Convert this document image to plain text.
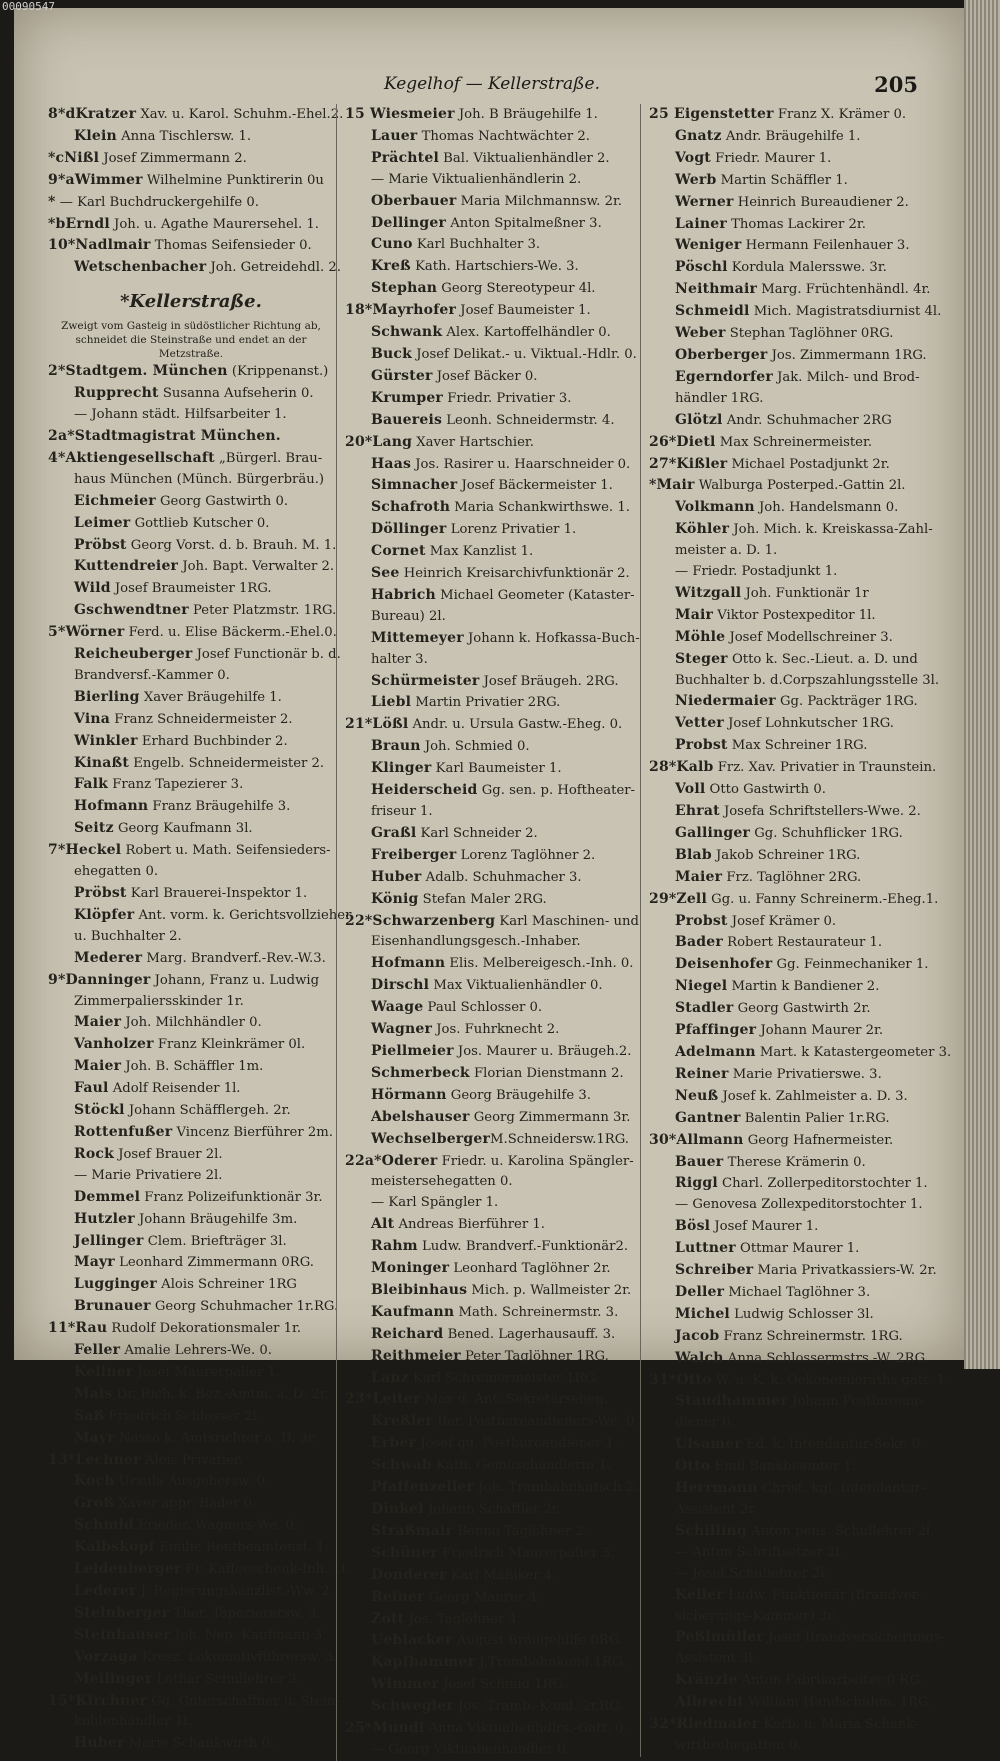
Kegelhof — Kellerstraße.	205
8*dKratzer Xav. u. Karol. Schuhm.-Ehel.2.
Klein Anna Tischlersw. 1.
*cNißl Josef Zimmermann 2.
9*aWimmer Wilhelmine Punktirerin 0u
* — Karl Buchdruckergehilfe 0.
*bErndl Joh. u. Agathe Maurersehel. 1.
10*Nadlmair Thomas Seifensieder 0.
Wetschenbacher Joh. Getreidehdl. 2.
*Kellerstraße.
Zweigt vom Gasteig in südöstlicher Richtung ab, schneidet die Steinstraße und endet an der Metzstraße.
2*Stadtgem. München (Krippenanst.)
Rupprecht Susanna Aufseherin 0.
— Johann städt. Hilfsarbeiter 1.
2a*Stadtmagistrat München.
4*Aktiengesellschaft „Bürgerl. Brau-
haus München (Münch. Bürgerbräu.)
Eichmeier Georg Gastwirth 0.
Leimer Gottlieb Kutscher 0.
Pröbst Georg Vorst. d. b. Brauh. M. 1.
Kuttendreier Joh. Bapt. Verwalter 2.
Wild Josef Braumeister 1RG.
Gschwendtner Peter Platzmstr. 1RG.
5*Wörner Ferd. u. Elise Bäckerm.-Ehel.0.
Reicheuberger Josef Functionär b. d.
Brandversf.-Kammer 0.
Bierling Xaver Bräugehilfe 1.
Vina Franz Schneidermeister 2.
Winkler Erhard Buchbinder 2.
Kinaßt Engelb. Schneidermeister 2.
Falk Franz Tapezierer 3.
Hofmann Franz Bräugehilfe 3.
Seitz Georg Kaufmann 3l.
7*Heckel Robert u. Math. Seifensieders-
ehegatten 0.
Pröbst Karl Brauerei-Inspektor 1.
Klöpfer Ant. vorm. k. Gerichtsvollzieher
u. Buchhalter 2.
Mederer Marg. Brandverf.-Rev.-W.3.
9*Danninger Johann, Franz u. Ludwig
Zimmerpaliersskinder 1r.
Maier Joh. Milchhändler 0.
Vanholzer Franz Kleinkrämer 0l.
Maier Joh. B. Schäffler 1m.
Faul Adolf Reisender 1l.
Stöckl Johann Schäfflergeh. 2r.
Rottenfußer Vincenz Bierführer 2m.
Rock Josef Brauer 2l.
— Marie Privatiere 2l.
Demmel Franz Polizeifunktionär 3r.
Hutzler Johann Bräugehilfe 3m.
Jellinger Clem. Briefträger 3l.
Mayr Leonhard Zimmermann 0RG.
Lugginger Alois Schreiner 1RG
Brunauer Georg Schuhmacher 1r.RG.
11*Rau Rudolf Dekorationsmaler 1r.
Feller Amalie Lehrers-We. 0.
Kellner Josef Maurerpalier 1.
Mais Dr. Rich. k. Bez.-Amtm. a. D. 2r.
Saß Friedrich Schlosser 2l.
Mayr Nasso k. Amtsrichter a. D. 3r.
13*Lechner Alois Privatier.
Koch Ursula Ausgehersw. 0.
Groß Xaver appr. Bader 0.
Schmid Frieder. Wagners-We. 0.
Kalbskopf Emilie Rentbeamtenst. 1.
Leidenberger Fr. Kaffeeschenk-Inh. 1l.
Lederer J. Regierungskanzlist.-Ww. 2.
Steinberger Ther. Tapezierersw. 3.
Steinhauser Joh. Nep. Kaufmann 3.
Vorzaga Kresz. Lokomotivführersw. 3.
Meilinger Lothar Schullehrer 3.
15*Kirchner Gg. Güterschaffner u. Stein-
kohlenhändler 1l.
Huber Marie Schankwirth 0.
15 Wiesmeier Joh. B Bräugehilfe 1.
Lauer Thomas Nachtwächter 2.
Prächtel Bal. Viktualienhändler 2.
— Marie Viktualienhändlerin 2.
Oberbauer Maria Milchmannsw. 2r.
Dellinger Anton Spitalmeßner 3.
Cuno Karl Buchhalter 3.
Kreß Kath. Hartschiers-We. 3.
Stephan Georg Stereotypeur 4l.
18*Mayrhofer Josef Baumeister 1.
Schwank Alex. Kartoffelhändler 0.
Buck Josef Delikat.- u. Viktual.-Hdlr. 0.
Gürster Josef Bäcker 0.
Krumper Friedr. Privatier 3.
Bauereis Leonh. Schneidermstr. 4.
20*Lang Xaver Hartschier.
Haas Jos. Rasirer u. Haarschneider 0.
Simnacher Josef Bäckermeister 1.
Schafroth Maria Schankwirthswe. 1.
Döllinger Lorenz Privatier 1.
Cornet Max Kanzlist 1.
See Heinrich Kreisarchivfunktionär 2.
Habrich Michael Geometer (Kataster-
Bureau) 2l.
Mittemeyer Johann k. Hofkassa-Buch-
halter 3.
Schürmeister Josef Bräugeh. 2RG.
Liebl Martin Privatier 2RG.
21*Lößl Andr. u. Ursula Gastw.-Eheg. 0.
Braun Joh. Schmied 0.
Klinger Karl Baumeister 1.
Heiderscheid Gg. sen. p. Hoftheater-
friseur 1.
Graßl Karl Schneider 2.
Freiberger Lorenz Taglöhner 2.
Huber Adalb. Schuhmacher 3.
König Stefan Maler 2RG.
22*Schwarzenberg Karl Maschinen- und
Eisenhandlungsgesch.-Inhaber.
Hofmann Elis. Melbereigesch.-Inh. 0.
Dirschl Max Viktualienhändler 0.
Waage Paul Schlosser 0.
Wagner Jos. Fuhrknecht 2.
Piellmeier Jos. Maurer u. Bräugeh.2.
Schmerbeck Florian Dienstmann 2.
Hörmann Georg Bräugehilfe 3.
Abelshauser Georg Zimmermann 3r.
WechselbergerM.Schneidersw.1RG.
22a*Oderer Friedr. u. Karolina Spängler-
meistersehegatten 0.
— Karl Spängler 1.
Alt Andreas Bierführer 1.
Rahm Ludw. Brandverf.-Funktionär2.
Moninger Leonhard Taglöhner 2r.
Bleibinhaus Mich. p. Wallmeister 2r.
Kaufmann Math. Schreinermstr. 3.
Reichard Bened. Lagerhausauff. 3.
Reithmeier Peter Taglöhner 1RG.
Lanz Karl Schreinermeister 1RG.
23*Leiter Max u. Ant. Sekretärseheg.
Kreßler Ber. Postbureaudieners-We. 0.
Erber Josef qu. Postbureaudiener 1.
Schwab Kath. Gemüsehändlerin 1.
Pfaffenzeller Joh. Trambahnkutsch.2.
Dinkel Johann Schäffler 2r.
Straßmair Benno Taglöhner 2.
Schüner Friedrich Maurerpalier 3.
Donderer Karl Mäßiker 4.
Reiner Georg Maurer 4.
Zott Jos. Taglöhner 4.
Ueblacker August Bräugehilfe 0RG.
Kapfhammer J.Trambahnkond.1RG.
Wimmer Josef Schmid 1RG.
Schwegler Jos. Tramb.-Kond. 2r.RG.
25*Mundi Anna Viktualienhdlrs.-Gatt. 0.
— Georg Viktualienhändler 0.
25 Eigenstetter Franz X. Krämer 0.
Gnatz Andr. Bräugehilfe 1.
Vogt Friedr. Maurer 1.
Werb Martin Schäffler 1.
Werner Heinrich Bureaudiener 2.
Lainer Thomas Lackirer 2r.
Weniger Hermann Feilenhauer 3.
Pöschl Kordula Malersswe. 3r.
Neithmair Marg. Früchtenhändl. 4r.
Schmeidl Mich. Magistratsdiurnist 4l.
Weber Stephan Taglöhner 0RG.
Oberberger Jos. Zimmermann 1RG.
Egerndorfer Jak. Milch- und Brod-
händler 1RG.
Glötzl Andr. Schuhmacher 2RG
26*Dietl Max Schreinermeister.
27*Kißler Michael Postadjunkt 2r.
*Mair Walburga Posterped.-Gattin 2l.
Volkmann Joh. Handelsmann 0.
Köhler Joh. Mich. k. Kreiskassa-Zahl-
meister a. D. 1.
— Friedr. Postadjunkt 1.
Witzgall Joh. Funktionär 1r
Mair Viktor Postexpeditor 1l.
Möhle Josef Modellschreiner 3.
Steger Otto k. Sec.-Lieut. a. D. und
Buchhalter b. d.Corpszahlungsstelle 3l.
Niedermaier Gg. Packträger 1RG.
Vetter Josef Lohnkutscher 1RG.
Probst Max Schreiner 1RG.
28*Kalb Frz. Xav. Privatier in Traunstein.
Voll Otto Gastwirth 0.
Ehrat Josefa Schriftstellers-Wwe. 2.
Gallinger Gg. Schuhflicker 1RG.
Blab Jakob Schreiner 1RG.
Maier Frz. Taglöhner 2RG.
29*Zell Gg. u. Fanny Schreinerm.-Eheg.1.
Probst Josef Krämer 0.
Bader Robert Restaurateur 1.
Deisenhofer Gg. Feinmechaniker 1.
Niegel Martin k Bandiener 2.
Stadler Georg Gastwirth 2r.
Pfaffinger Johann Maurer 2r.
Adelmann Mart. k Katastergeometer 3.
Reiner Marie Privatierswe. 3.
Neuß Josef k. Zahlmeister a. D. 3.
Gantner Balentin Palier 1r.RG.
30*Allmann Georg Hafnermeister.
Bauer Therese Krämerin 0.
Riggl Charl. Zollerpeditorstochter 1.
— Genovesa Zollexpeditorstochter 1.
Bösl Josef Maurer 1.
Luttner Ottmar Maurer 1.
Schreiber Maria Privatkassiers-W. 2r.
Deller Michael Taglöhner 3.
Michel Ludwig Schlosser 3l.
Jacob Franz Schreinermstr. 1RG.
Walch Anna Schlossermstrs.-W. 2RG.
31*Otto W. u. K. k. Oekonomieraths gatt. 1.
Staudhammer Johann Postbureau-
diener 0.
Ulsamer Ed. k. Intendantur-Sekr. 0.
Otto Emil Bankbeamter 1.
Herrmann Christ. kgl. Intendantur-
Assistent 2r.
Schilling Anton pens. Schullehrer 2l.
— Anton Schriftsetzer 2l.
— Josef Schullehrer 2l.
Keller Ludw. Funktionär (Brandver-
sicherungs-Kammer) 3r.
Peßlmüller Josef Brandversicherungs-
Assistent 3l.
Kränzle Anton Fabrikarbeiter 0 RG.
Albrecht William Handschuhm. 1RG.
32*Riedmaier Korb. u. Maria Schank-
wirthsehegatten 0.
00090547
